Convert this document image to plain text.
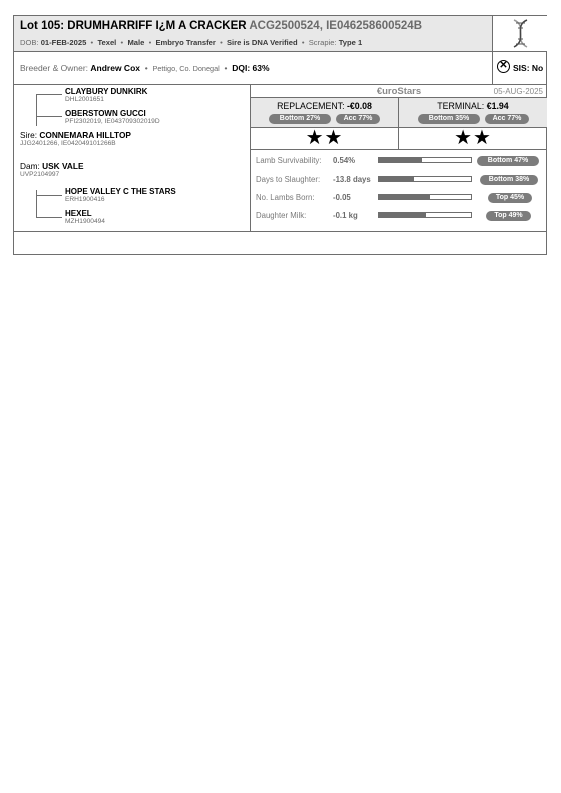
Lot 105: DRUMHARRIFF I¿M A CRACKER ACG2500524, IE046258600524B
DOB: 01-FEB-2025 • Texel • Male • Embryo Transfer • Sire is DNA Verified • Scrapie: Type 1
Breeder & Owner: Andrew Cox • Pettigo, Co. Donegal • DQI: 63%	✕ SIS: No
CLAYBURY DUNKIRK
DHL2001651
OBERSTOWN GUCCI
PFI2302019, IE043709302019D
Sire: CONNEMARA HILLTOP
JJG2401266, IE042049101266B
Dam: USK VALE
UVP2104997
HOPE VALLEY C THE STARS
ERH1900416
HEXEL
MZH1900494
€uroStars	05-AUG-2025
REPLACEMENT: -€0.08
Bottom 27%	Acc 77%
TERMINAL: €1.94
Bottom 35%	Acc 77%
★★	★★
Lamb Survivability: 0.54%	Bottom 47%
Days to Slaughter: -13.8 days	Bottom 38%
No. Lambs Born: -0.05	Top 45%
Daughter Milk:	-0.1 kg	Top 49%
